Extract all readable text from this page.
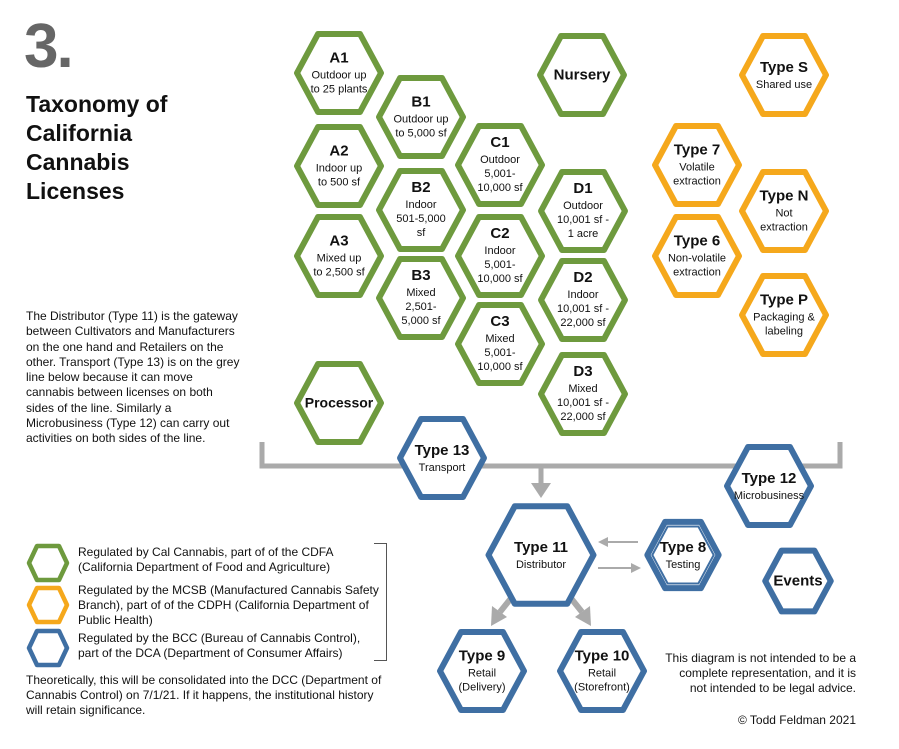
3.
Taxonomy of
California
Cannabis
Licenses
The Distributor (Type 11) is the gateway between Cultivators and Manufacturers on the one hand and Retailers on the other. Transport (Type 13) is on the grey line below because it can move cannabis between licenses on both sides of the line. Similarly a Microbusiness (Type 12) can carry out activities on both sides of the line.
A1
Outdoor up
to 25 plants
A2
Indoor up
to 500 sf
A3
Mixed up
to 2,500 sf
B1
Outdoor up
to 5,000 sf
B2
Indoor
501-5,000
sf
B3
Mixed
2,501-
5,000 sf
C1
Outdoor
5,001-
10,000 sf
C2
Indoor
5,001-
10,000 sf
C3
Mixed
5,001-
10,000 sf
D1
Outdoor
10,001 sf -
1 acre
D2
Indoor
10,001 sf -
22,000 sf
D3
Mixed
10,001 sf -
22,000 sf
Nursery
Processor
Type S
Shared use
Type 7
Volatile
extraction
Type N
Not
extraction
Type 6
Non-volatile
extraction
Type P
Packaging &
labeling
Type 13
Transport
Type 12
Microbusiness
Type 11
Distributor
Type 8
Testing
Events
Type 9
Retail
(Delivery)
Type 10
Retail
(Storefront)
Regulated by Cal Cannabis, part of of the CDFA (California Department of Food and Agriculture)
Regulated by the MCSB (Manufactured Cannabis Safety Branch), part of of the CDPH (California Department of Public Health)
Regulated by the BCC (Bureau of Cannabis Control), part of the DCA (Department of Consumer Affairs)
Theoretically, this will be consolidated into the DCC (Department of Cannabis Control) on 7/1/21. If it happens, the institutional history will retain significance.
This diagram is not intended to be a complete representation, and it is not intended to be legal advice.
© Todd Feldman 2021
